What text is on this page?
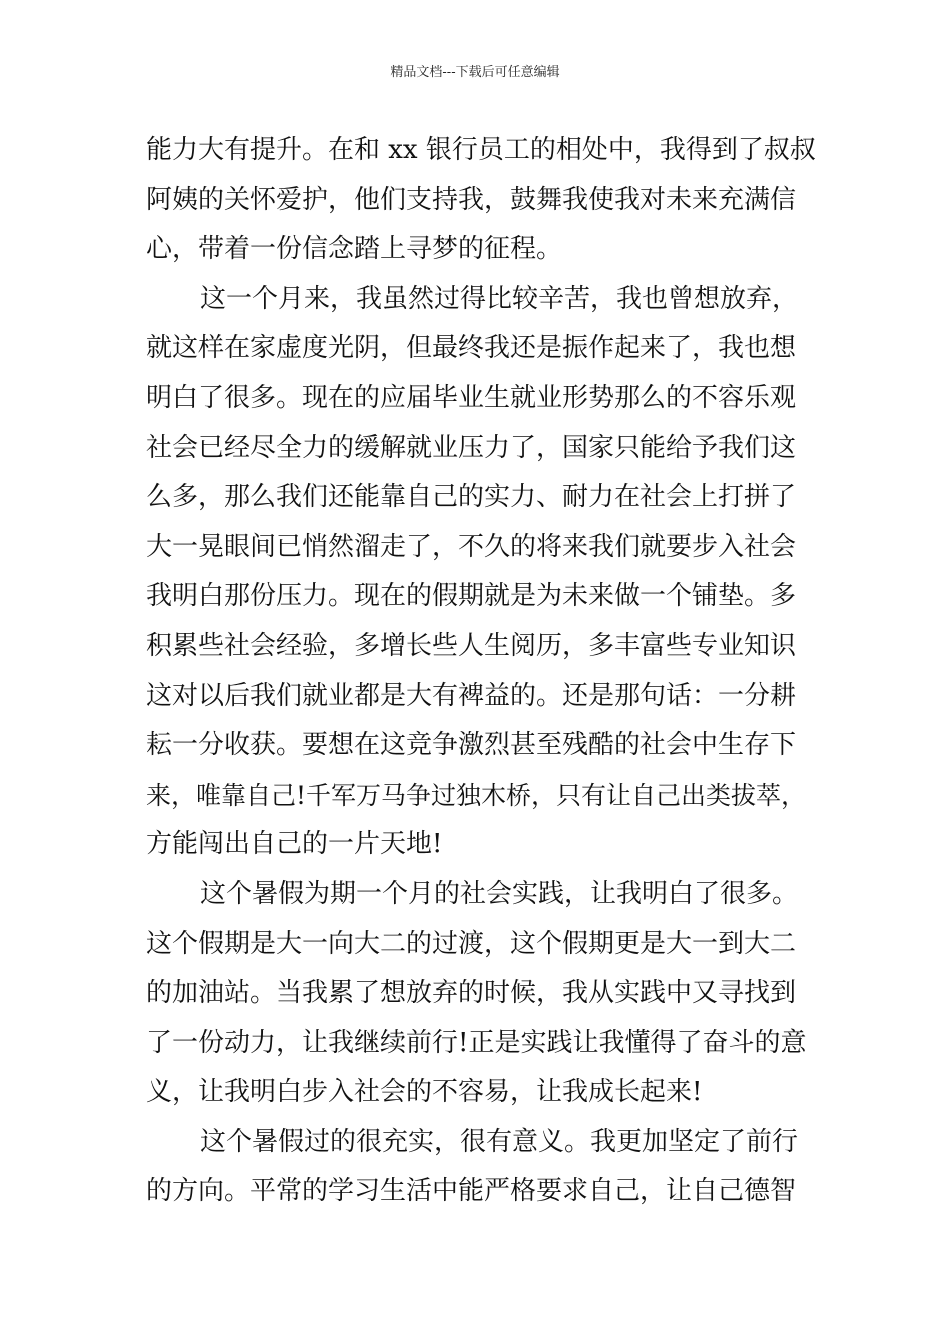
精品文档---下载后可任意编辑
能力大有提升。在和 xx 银行员工的相处中，我得到了叔叔
阿姨的关怀爱护，他们支持我，鼓舞我使我对未来充满信
心，带着一份信念踏上寻梦的征程。
这一个月来，我虽然过得比较辛苦，我也曾想放弃，
就这样在家虚度光阴，但最终我还是振作起来了，我也想
明白了很多。现在的应届毕业生就业形势那么的不容乐观
社会已经尽全力的缓解就业压力了，国家只能给予我们这
么多，那么我们还能靠自己的实力、耐力在社会上打拼了
大一晃眼间已悄然溜走了，不久的将来我们就要步入社会
我明白那份压力。现在的假期就是为未来做一个铺垫。多
积累些社会经验，多增长些人生阅历，多丰富些专业知识
这对以后我们就业都是大有裨益的。还是那句话：一分耕
耘一分收获。要想在这竞争激烈甚至残酷的社会中生存下
来，唯靠自己!千军万马争过独木桥，只有让自己出类拔萃，
方能闯出自己的一片天地!
这个暑假为期一个月的社会实践，让我明白了很多。
这个假期是大一向大二的过渡，这个假期更是大一到大二
的加油站。当我累了想放弃的时候，我从实践中又寻找到
了一份动力，让我继续前行!正是实践让我懂得了奋斗的意
义，让我明白步入社会的不容易，让我成长起来!
这个暑假过的很充实，很有意义。我更加坚定了前行
的方向。平常的学习生活中能严格要求自己，让自己德智
